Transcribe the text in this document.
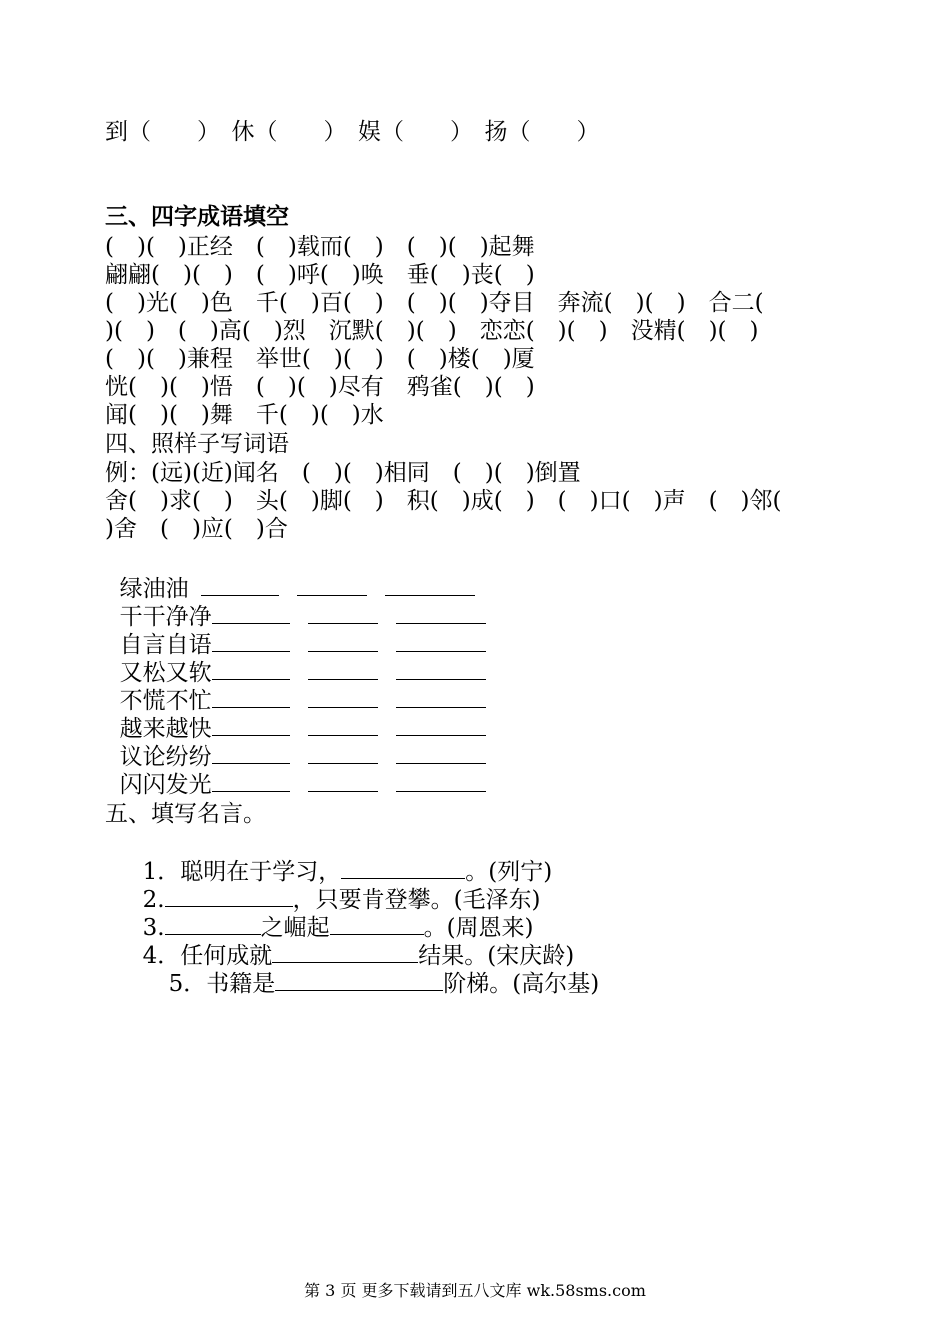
到（　　）　休（　　）　娱（　　）　扬（　　）
三、四字成语填空
(　)(　)正经　(　)载而(　)　(　)(　)起舞
翩翩(　)(　)　(　)呼(　)唤　垂(　)丧(　)
(　)光(　)色　千(　)百(　)　(　)(　)夺目　奔流(　)(　)　合二(
)(　)　(　)高(　)烈　沉默(　)(　)　恋恋(　)(　)　没精(　)(　)
(　)(　)兼程　举世(　)(　)　(　)楼(　)厦
恍(　)(　)悟　(　)(　)尽有　鸦雀(　)(　)
闻(　)(　)舞　千(　)(　)水
四、照样子写词语
例：(远)(近)闻名　(　)(　)相同　(　)(　)倒置
舍(　)求(　)　头(　)脚(　)　积(　)成(　)　(　)口(　)声　(　)邻(
)舍　(　)应(　)合

绿油油

干干净净

自言自语

又松又软

不慌不忙

越来越快

议论纷纷

闪闪发光

五、填写名言。

1．聪明在于学习，	。(列宁)

2.	，只要肯登攀。(毛泽东)

3.	之崛起	。(周恩来)

4．任何成就	结果。(宋庆龄)

5．书籍是	阶梯。(高尔基)

第 3 页 更多下载请到五八文库 wk.58sms.com
